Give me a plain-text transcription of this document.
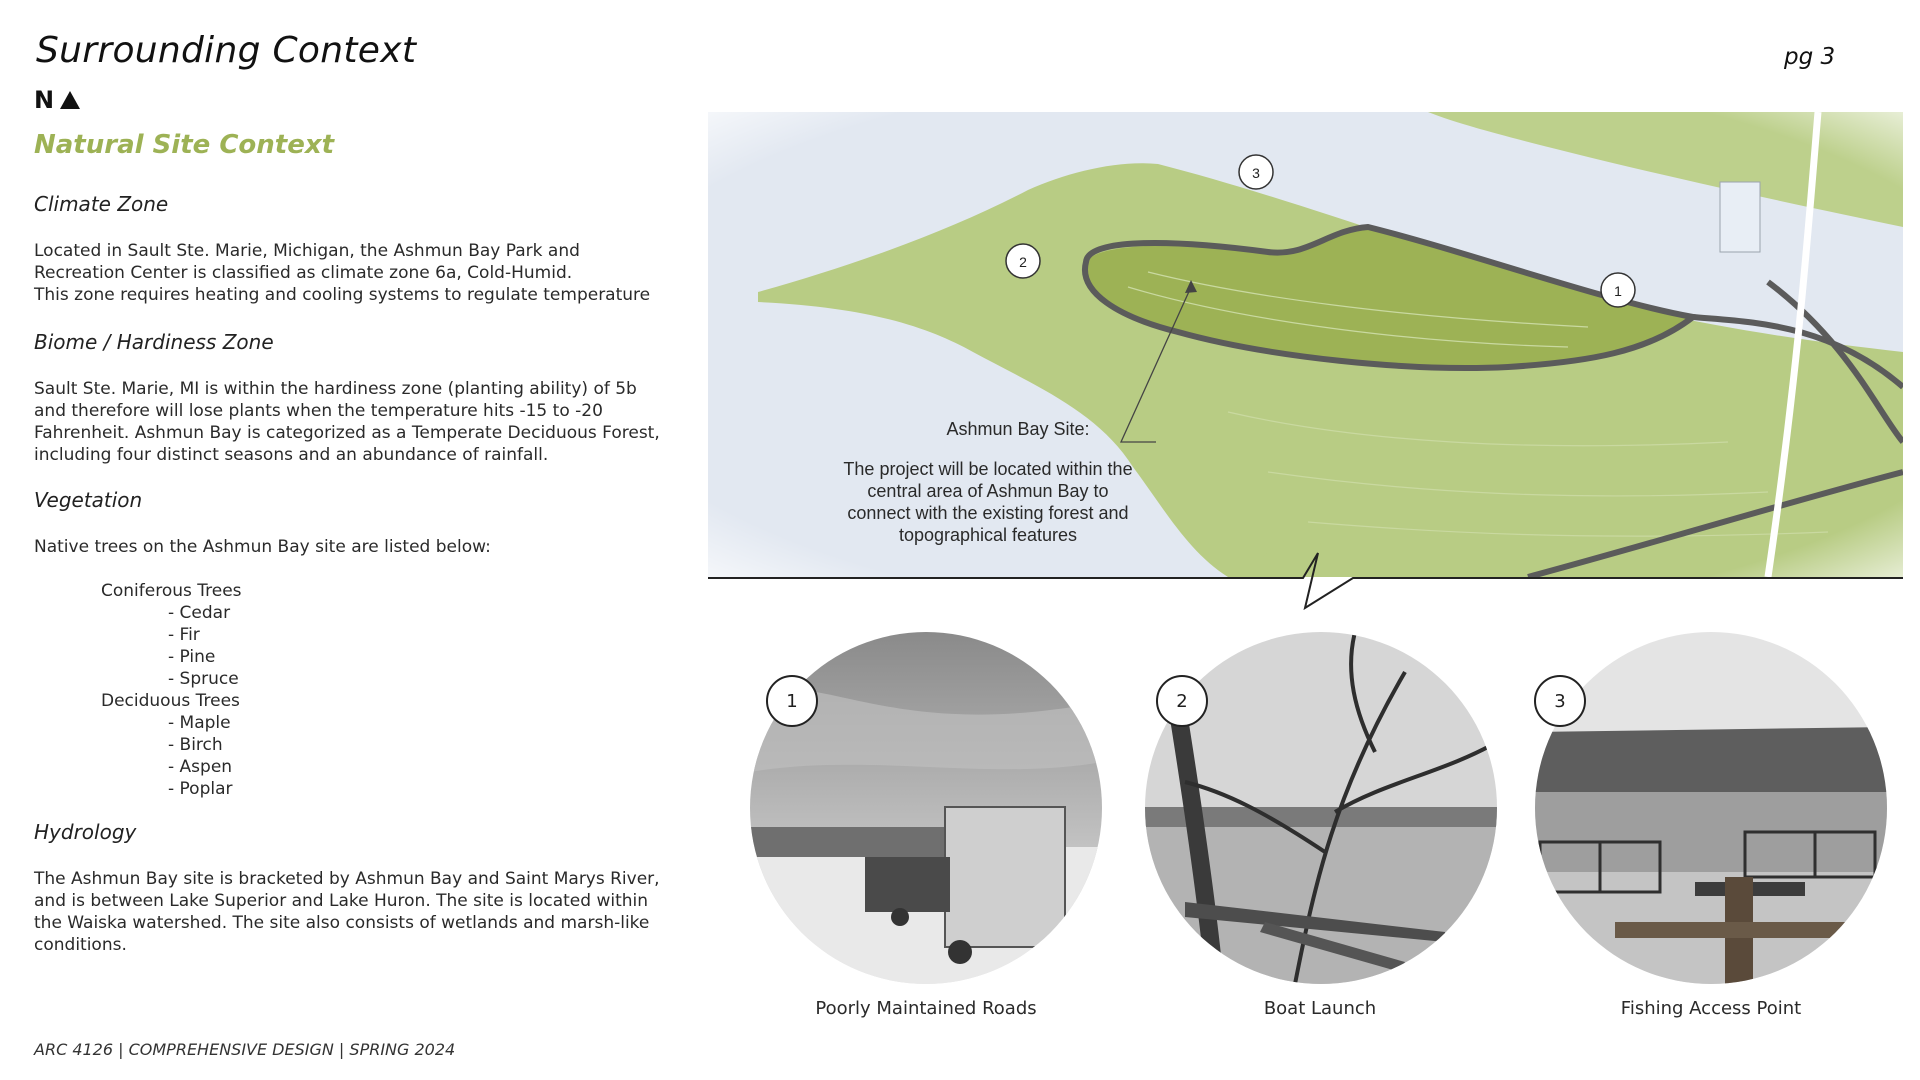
Surrounding Context	pg 3
N
Natural Site Context
Climate Zone
Located in Sault Ste. Marie, Michigan, the Ashmun Bay Park and
Recreation Center is classified as climate zone 6a, Cold-Humid.
This zone requires heating and cooling systems to regulate temperature
Biome / Hardiness Zone
Sault Ste. Marie, MI is within the hardiness zone (planting ability) of 5b
and therefore will lose plants when the temperature hits -15 to -20
Fahrenheit. Ashmun Bay is categorized as a Temperate Deciduous Forest,
including four distinct seasons and an abundance of rainfall.
Vegetation
Native trees on the Ashmun Bay site are listed below:
Coniferous Trees
- Cedar
- Fir
- Pine
- Spruce
Deciduous Trees
- Maple
- Birch
- Aspen
- Poplar
Hydrology
The Ashmun Bay site is bracketed by Ashmun Bay and Saint Marys River,
and is between Lake Superior and Lake Huron. The site is located within
the Waiska watershed. The site also consists of wetlands and marsh-like
conditions.
ARC 4126 | COMPREHENSIVE DESIGN | SPRING 2024
Ashmun Bay Site:
The project will be located within the
central area of Ashmun Bay to
connect with the existing forest and
topographical features
1
2
3
1	2	3
Poorly Maintained Roads	Boat Launch	Fishing Access Point
